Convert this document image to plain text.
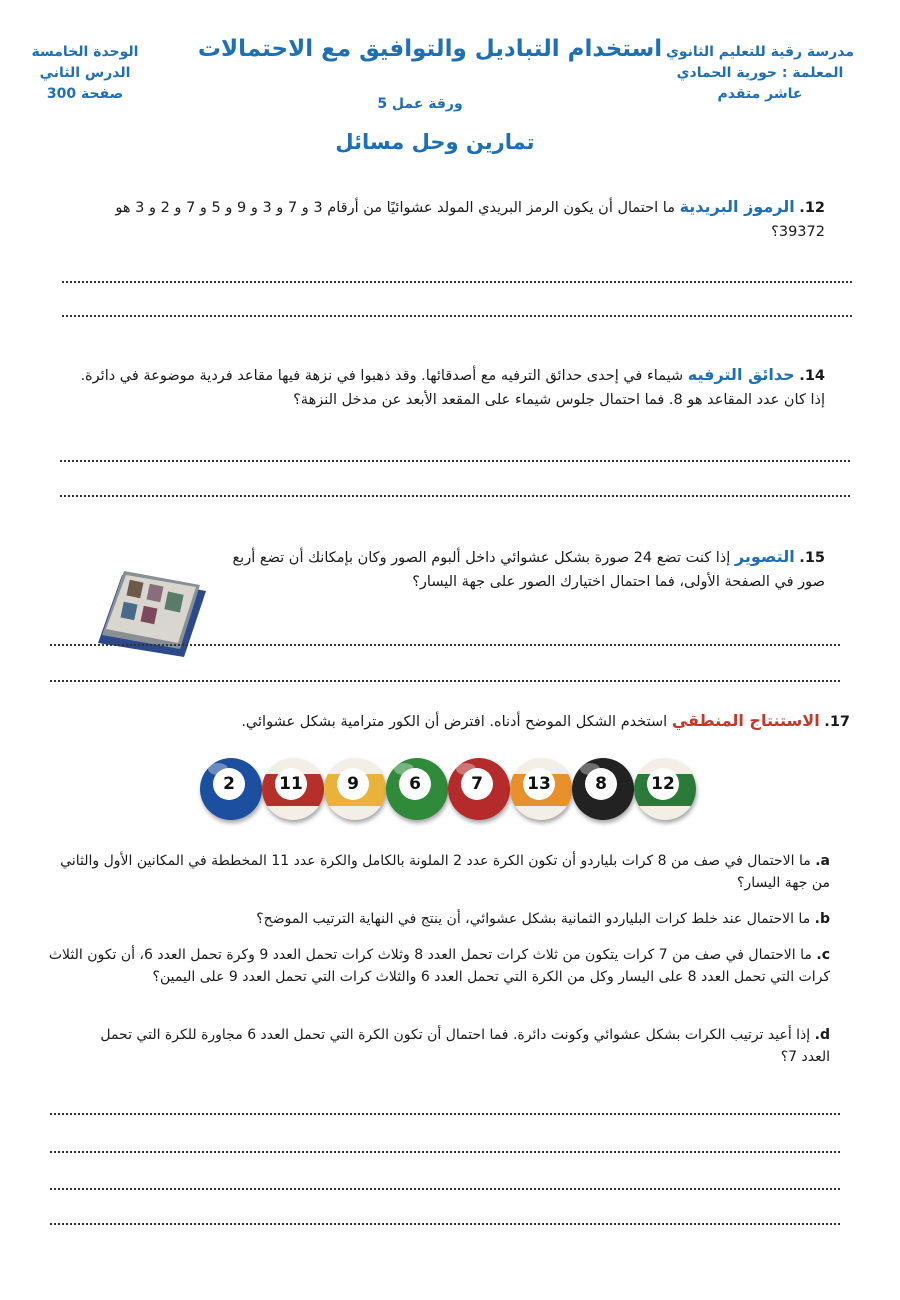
الوحدة الخامسة
الدرس الثاني
صفحة 300
استخدام التباديل والتوافيق مع الاحتمالات مدرسة رقية للتعليم الثانوي
المعلمة : حورية الحمادي
عاشر متقدم
ورقة عمل 5
تمارين وحل مسائل
12. الرموز البريدية ما احتمال أن يكون الرمز البريدي المولد عشوائيًا من أرقام 3 و 7 و 3 و 9 و 5 و 7 و 2 و 3 هو 39372؟
14. حدائق الترفيه شيماء في إحدى حدائق الترفيه مع أصدقائها. وقد ذهبوا في نزهة فيها مقاعد فردية موضوعة في دائرة. إذا كان عدد المقاعد هو 8. فما احتمال جلوس شيماء على المقعد الأبعد عن مدخل النزهة؟
15. التصوير إذا كنت تضع 24 صورة بشكل عشوائي داخل ألبوم الصور وكان بإمكانك أن تضع أربع صور في الصفحة الأولى، فما احتمال اختيارك الصور على جهة اليسار؟
17. الاستنتاج المنطقي استخدم الشكل الموضح أدناه. افترض أن الكور مترامية بشكل عشوائي.
2	11	9	6	7	13	8	12
a. ما الاحتمال في صف من 8 كرات بلياردو أن تكون الكرة عدد 2 الملونة بالكامل والكرة عدد 11 المخططة في المكانين الأول والثاني من جهة اليسار؟
b. ما الاحتمال عند خلط كرات البلياردو الثمانية بشكل عشوائي، أن ينتج في النهاية الترتيب الموضح؟
c. ما الاحتمال في صف من 7 كرات يتكون من ثلاث كرات تحمل العدد 8 وثلاث كرات تحمل العدد 9 وكرة تحمل العدد 6، أن تكون الثلاث كرات التي تحمل العدد 8 على اليسار وكل من الكرة التي تحمل العدد 6 والثلاث كرات التي تحمل العدد 9 على اليمين؟
d. إذا أعيد ترتيب الكرات بشكل عشوائي وكونت دائرة. فما احتمال أن تكون الكرة التي تحمل العدد 6 مجاورة للكرة التي تحمل العدد 7؟
